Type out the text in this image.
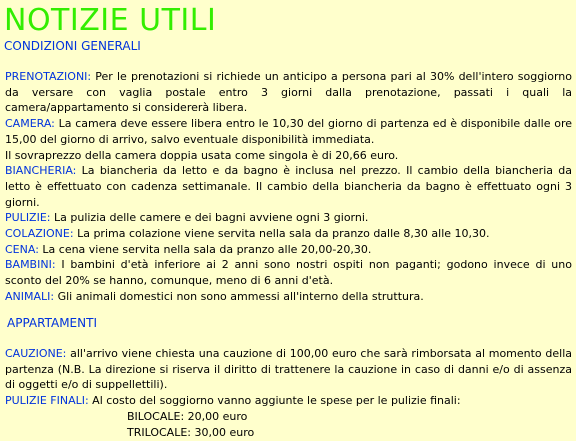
NOTIZIE UTILI
CONDIZIONI GENERALI

PRENOTAZIONI: Per le prenotazioni si richiede un anticipo a persona pari al 30% dell'intero soggiorno da versare con vaglia postale entro 3 giorni dalla prenotazione, passati i quali la camera/appartamento si considererà libera.

CAMERA: La camera deve essere libera entro le 10,30 del giorno di partenza ed è disponibile dalle ore 15,00 del giorno di arrivo, salvo eventuale disponibilità immediata.

Il sovraprezzo della camera doppia usata come singola è di 20,66 euro.

BIANCHERIA: La biancheria da letto e da bagno è inclusa nel prezzo. Il cambio della biancheria da letto è effettuato con cadenza settimanale. Il cambio della biancheria da bagno è effettuato ogni 3 giorni.

PULIZIE: La pulizia delle camere e dei bagni avviene ogni 3 giorni.

COLAZIONE: La prima colazione viene servita nella sala da pranzo dalle 8,30 alle 10,30.

CENA: La cena viene servita nella sala da pranzo alle 20,00-20,30.

BAMBINI: I bambini d'età inferiore ai 2 anni sono nostri ospiti non paganti; godono invece di uno sconto del 20% se hanno, comunque, meno di 6 anni d'età.

ANIMALI: Gli animali domestici non sono ammessi all'interno della struttura.

APPARTAMENTI

CAUZIONE: all'arrivo viene chiesta una cauzione di 100,00 euro che sarà rimborsata al momento della partenza (N.B. La direzione si riserva il diritto di trattenere la cauzione in caso di danni e/o di assenza di oggetti e/o di suppellettili).

PULIZIE FINALI: Al costo del soggiorno vanno aggiunte le spese per le pulizie finali:

BILOCALE: 20,00 euro
TRILOCALE: 30,00 euro
